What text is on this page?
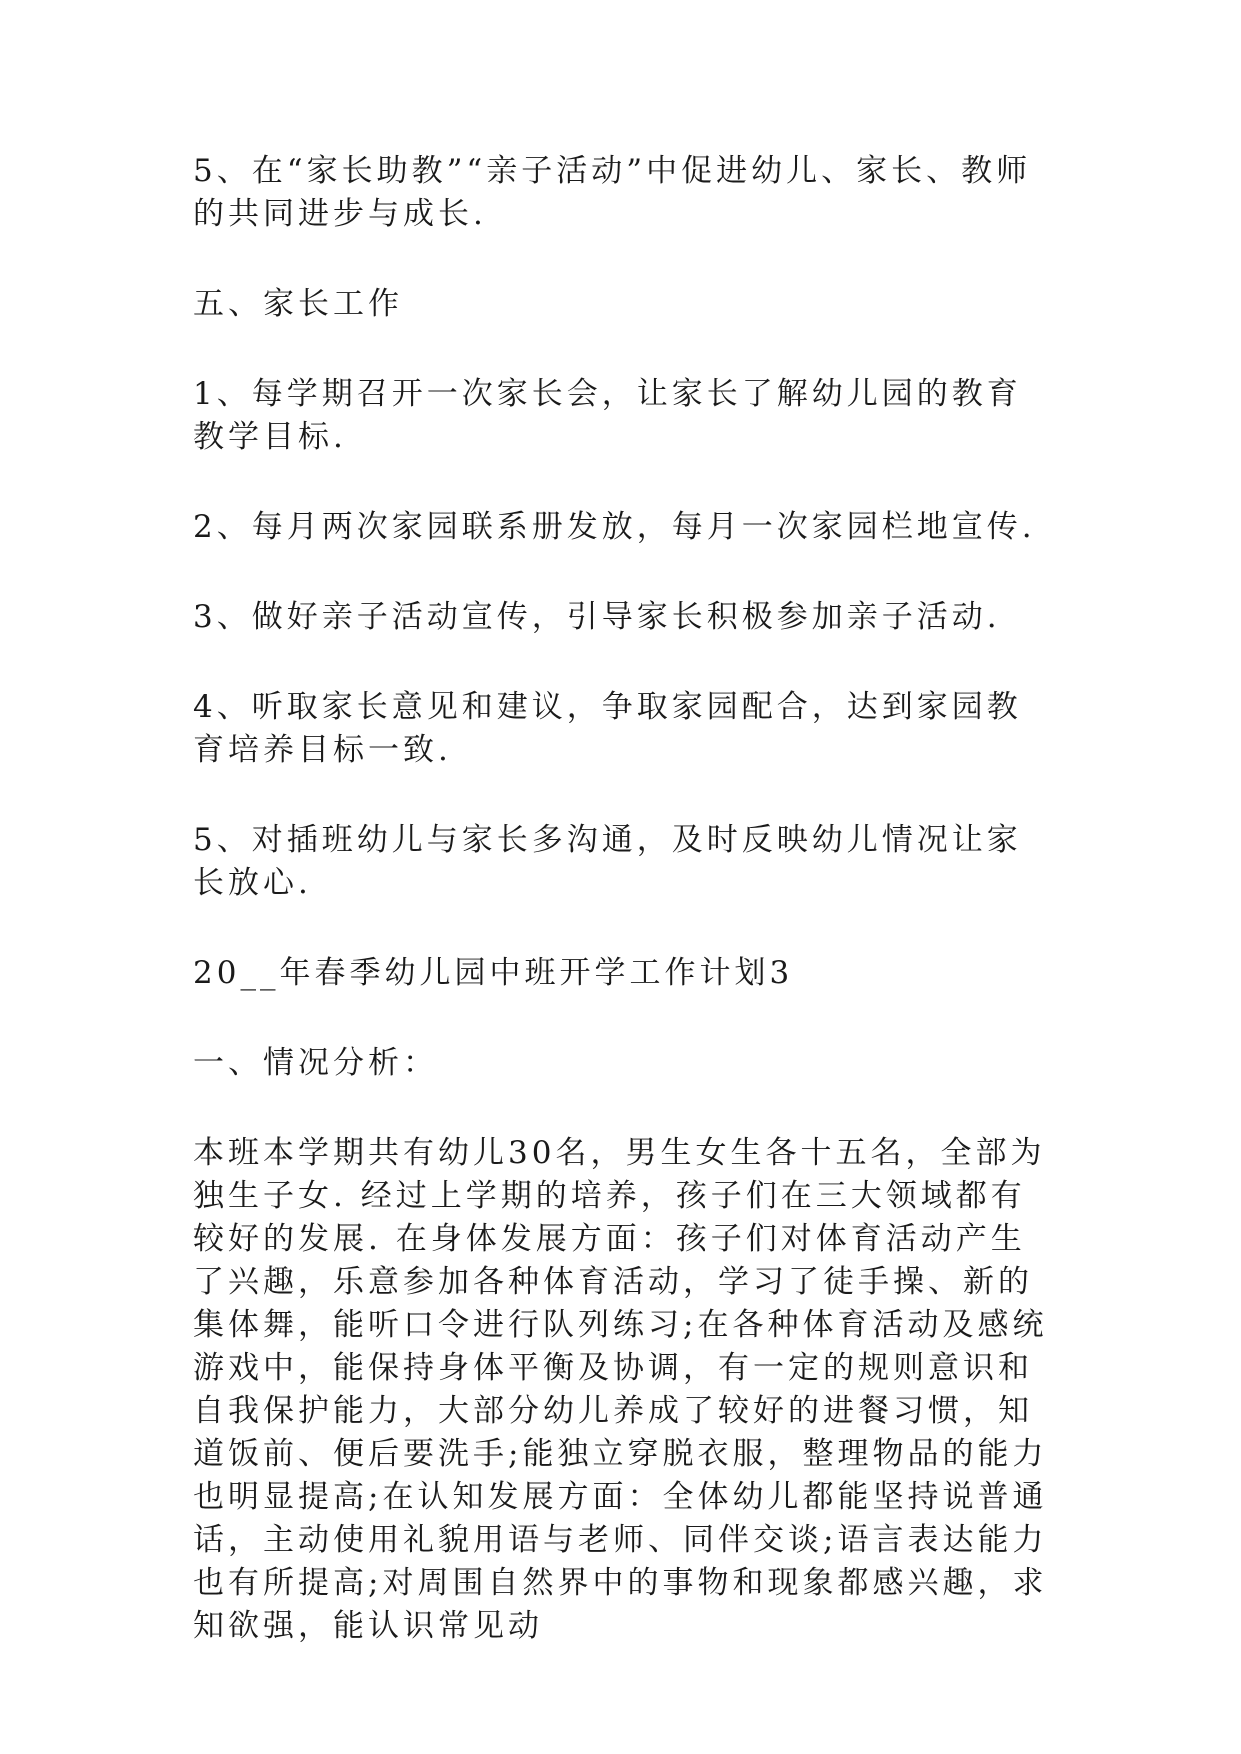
5、在“家长助教”“亲子活动”中促进幼儿、家长、教师的共同进步与成长.

五、家长工作

1、每学期召开一次家长会，让家长了解幼儿园的教育教学目标.

2、每月两次家园联系册发放，每月一次家园栏地宣传.

3、做好亲子活动宣传，引导家长积极参加亲子活动.

4、听取家长意见和建议，争取家园配合，达到家园教育培养目标一致.

5、对插班幼儿与家长多沟通，及时反映幼儿情况让家长放心.

20__年春季幼儿园中班开学工作计划3

一、情况分析：

本班本学期共有幼儿30名，男生女生各十五名，全部为独生子女. 经过上学期的培养，孩子们在三大领域都有较好的发展. 在身体发展方面：孩子们对体育活动产生了兴趣，乐意参加各种体育活动，学习了徒手操、新的集体舞，能听口令进行队列练习;在各种体育活动及感统游戏中，能保持身体平衡及协调，有一定的规则意识和自我保护能力，大部分幼儿养成了较好的进餐习惯，知道饭前、便后要洗手;能独立穿脱衣服，整理物品的能力也明显提高;在认知发展方面：全体幼儿都能坚持说普通话，主动使用礼貌用语与老师、同伴交谈;语言表达能力也有所提高;对周围自然界中的事物和现象都感兴趣，求知欲强，能认识常见动
